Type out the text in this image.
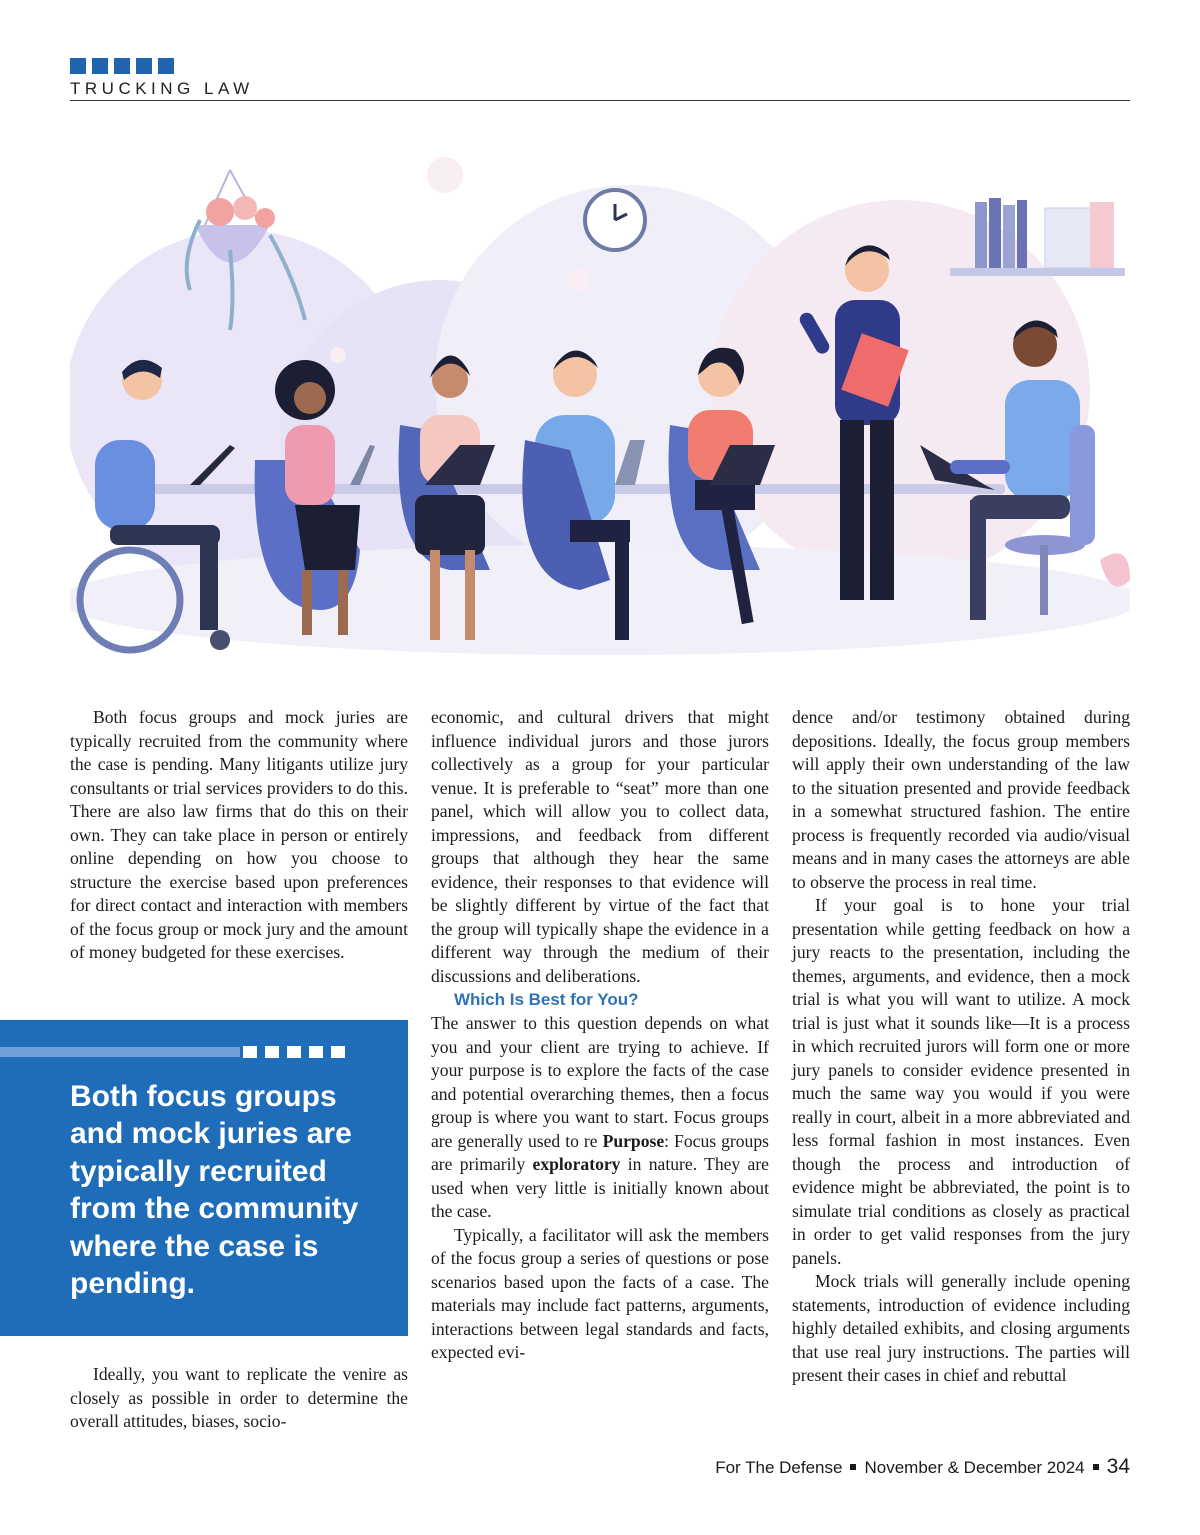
TRUCKING LAW

Both focus groups and mock juries are typically recruited from the community where the case is pending. Many litigants utilize jury consultants or trial services providers to do this. There are also law firms that do this on their own. They can take place in person or entirely online depending on how you choose to structure the exercise based upon preferences for direct contact and interaction with members of the focus group or mock jury and the amount of money budgeted for these exercises.

Both focus groups and mock juries are typically recruited from the community where the case is pending.

Ideally, you want to replicate the venire as closely as possible in order to determine the overall attitudes, biases, socio-

economic, and cultural drivers that might influence individual jurors and those jurors collectively as a group for your particular venue. It is preferable to “seat” more than one panel, which will allow you to collect data, impressions, and feedback from different groups that although they hear the same evidence, their responses to that evidence will be slightly different by virtue of the fact that the group will typically shape the evidence in a different way through the medium of their discussions and deliberations.

Which Is Best for You?

The answer to this question depends on what you and your client are trying to achieve. If your purpose is to explore the facts of the case and potential overarching themes, then a focus group is where you want to start. Focus groups are generally used to re Purpose: Focus groups are primarily exploratory in nature. They are used when very little is initially known about the case.

Typically, a facilitator will ask the members of the focus group a series of questions or pose scenarios based upon the facts of a case. The materials may include fact patterns, arguments, interactions between legal standards and facts, expected evi-

dence and/or testimony obtained during depositions. Ideally, the focus group members will apply their own understanding of the law to the situation presented and provide feedback in a somewhat structured fashion. The entire process is frequently recorded via audio/visual means and in many cases the attorneys are able to observe the process in real time.

If your goal is to hone your trial presentation while getting feedback on how a jury reacts to the presentation, including the themes, arguments, and evidence, then a mock trial is what you will want to utilize. A mock trial is just what it sounds like—It is a process in which recruited jurors will form one or more jury panels to consider evidence presented in much the same way you would if you were really in court, albeit in a more abbreviated and less formal fashion in most instances. Even though the process and introduction of evidence might be abbreviated, the point is to simulate trial conditions as closely as practical in order to get valid responses from the jury panels.

Mock trials will generally include opening statements, introduction of evidence including highly detailed exhibits, and closing arguments that use real jury instructions. The parties will present their cases in chief and rebuttal

For The Defense November & December 2024 34
